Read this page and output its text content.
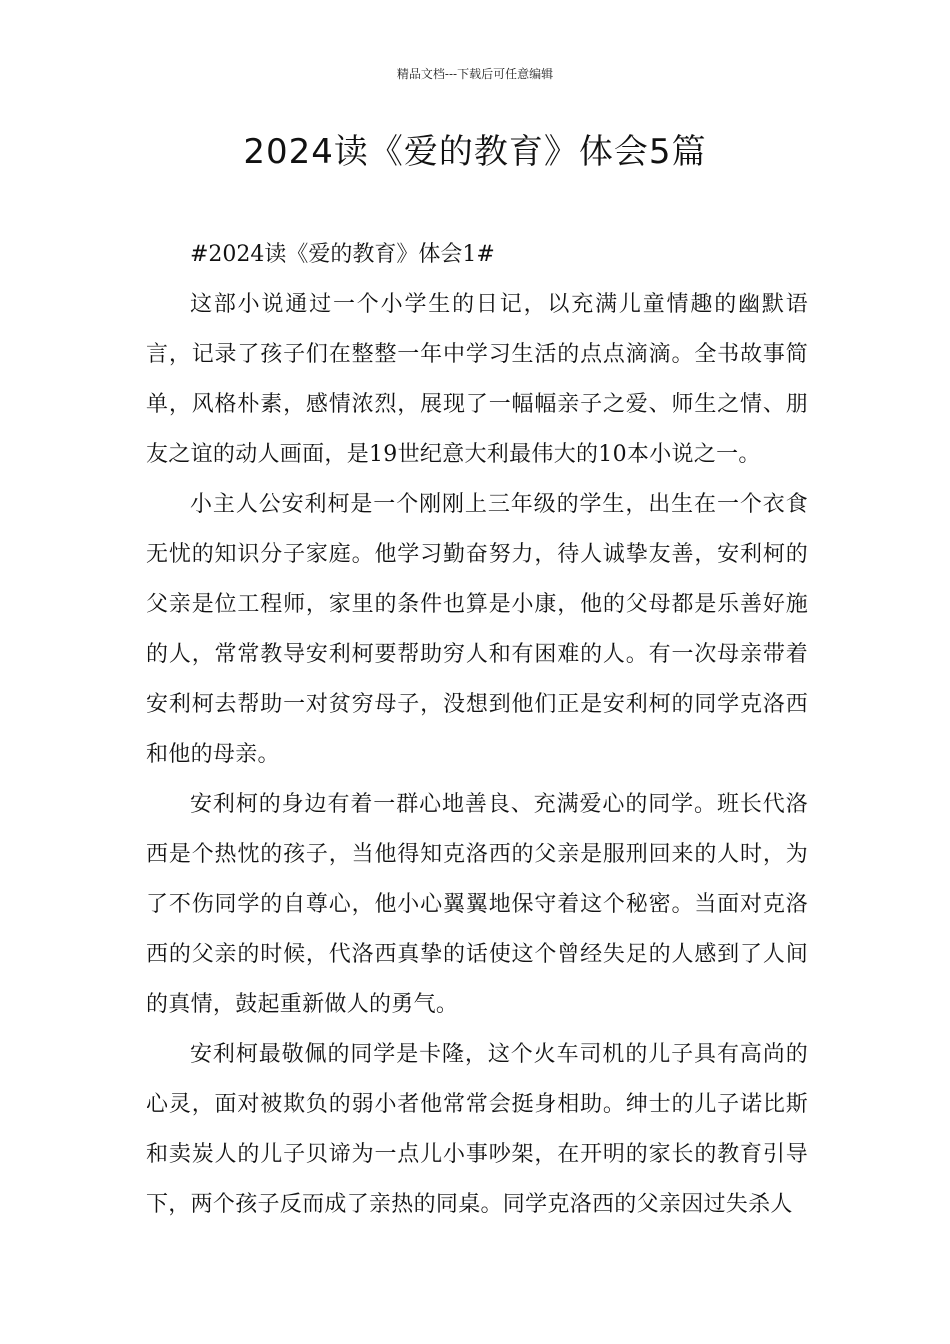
精品文档---下载后可任意编辑
2024读《爱的教育》体会5篇

#2024读《爱的教育》体会1#

这部小说通过一个小学生的日记，以充满儿童情趣的幽默语言，记录了孩子们在整整一年中学习生活的点点滴滴。全书故事简单，风格朴素，感情浓烈，展现了一幅幅亲子之爱、师生之情、朋友之谊的动人画面，是19世纪意大利最伟大的10本小说之一。

小主人公安利柯是一个刚刚上三年级的学生，出生在一个衣食无忧的知识分子家庭。他学习勤奋努力，待人诚挚友善，安利柯的父亲是位工程师，家里的条件也算是小康，他的父母都是乐善好施的人，常常教导安利柯要帮助穷人和有困难的人。有一次母亲带着安利柯去帮助一对贫穷母子，没想到他们正是安利柯的同学克洛西和他的母亲。

安利柯的身边有着一群心地善良、充满爱心的同学。班长代洛西是个热忱的孩子，当他得知克洛西的父亲是服刑回来的人时，为了不伤同学的自尊心，他小心翼翼地保守着这个秘密。当面对克洛西的父亲的时候，代洛西真挚的话使这个曾经失足的人感到了人间的真情，鼓起重新做人的勇气。

安利柯最敬佩的同学是卡隆，这个火车司机的儿子具有高尚的心灵，面对被欺负的弱小者他常常会挺身相助。绅士的儿子诺比斯和卖炭人的儿子贝谛为一点儿小事吵架，在开明的家长的教育引导下，两个孩子反而成了亲热的同桌。同学克洛西的父亲因过失杀人
